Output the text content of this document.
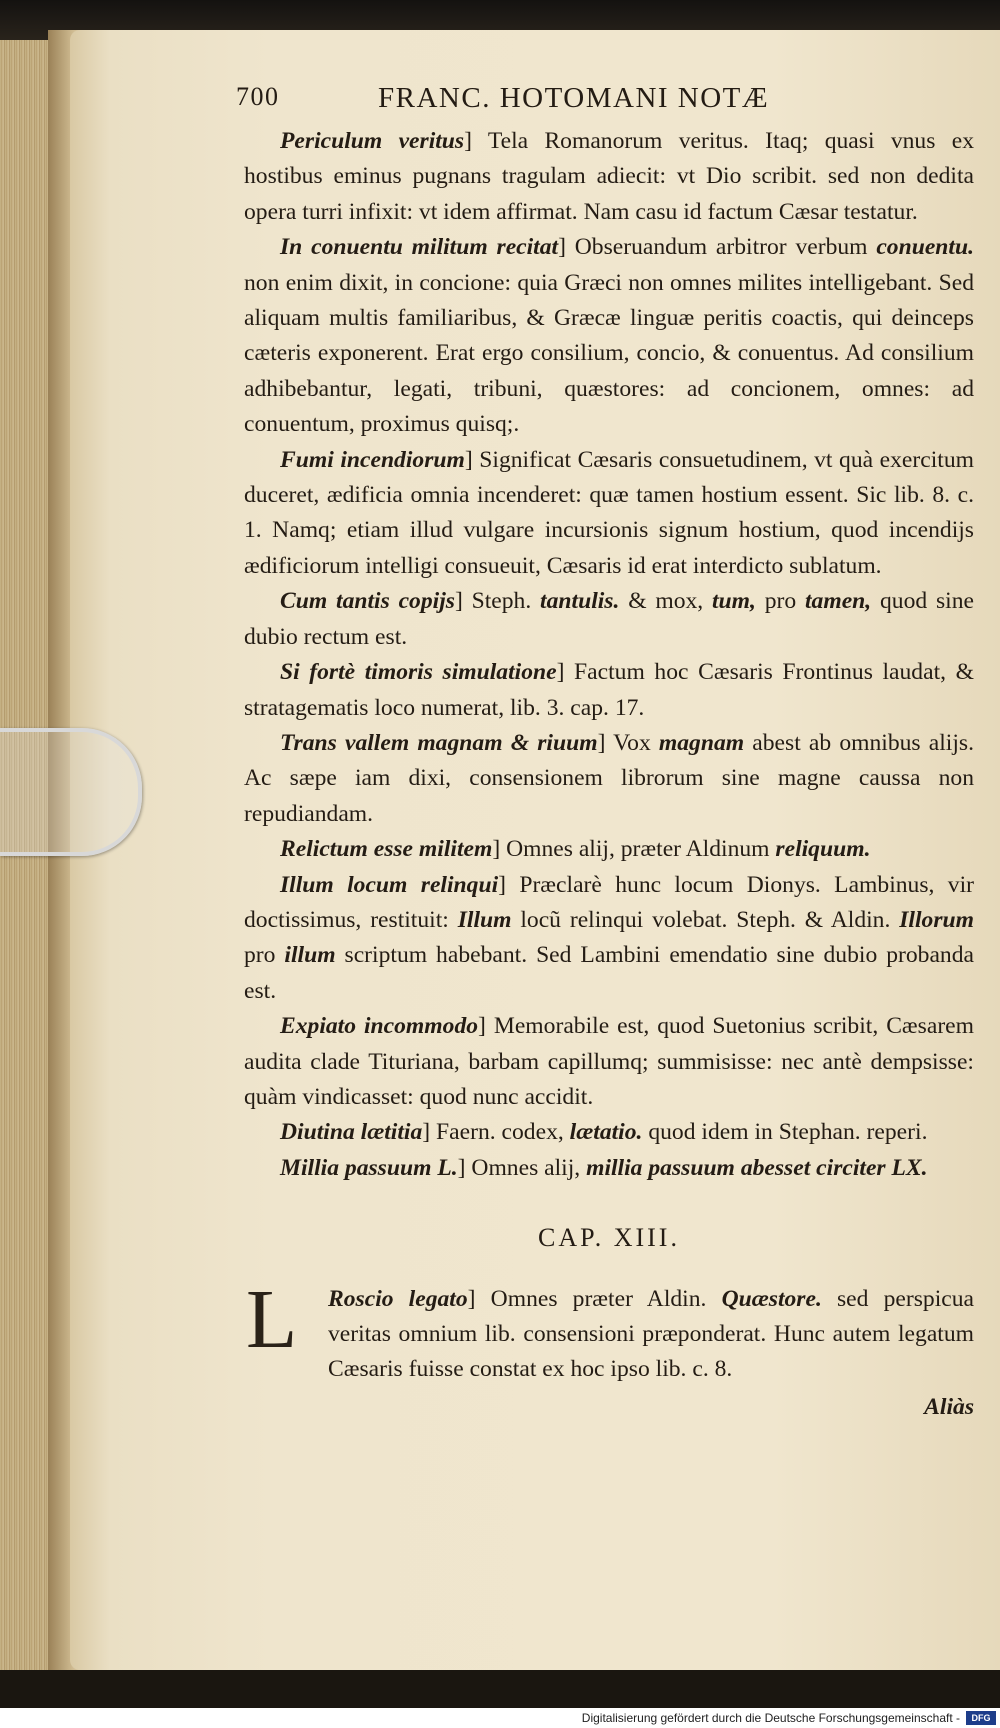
700	FRANC. HOTOMANI NOTÆ

Periculum veritus] Tela Romanorum veritus. Itaq; quasi vnus ex hostibus eminus pugnans tragulam adiecit: vt Dio scribit. sed non dedita opera turri infixit: vt idem affirmat. Nam casu id factum Cæsar testatur.

In conuentu militum recitat] Obseruandum arbitror verbum conuentu. non enim dixit, in concione: quia Græci non omnes milites intelligebant. Sed aliquam multis familiaribus, & Græcæ linguæ peritis coactis, qui deinceps cæteris exponerent. Erat ergo consilium, concio, & conuentus. Ad consilium adhibebantur, legati, tribuni, quæstores: ad concionem, omnes: ad conuentum, proximus quisq;.

Fumi incendiorum] Significat Cæsaris consuetudinem, vt quà exercitum duceret, ædificia omnia incenderet: quæ tamen hostium essent. Sic lib. 8. c. 1. Namq; etiam illud vulgare incursionis signum hostium, quod incendijs ædificiorum intelligi consueuit, Cæsaris id erat interdicto sublatum.

Cum tantis copijs] Steph. tantulis. & mox, tum, pro tamen, quod sine dubio rectum est.

Si fortè timoris simulatione] Factum hoc Cæsaris Frontinus laudat, & stratagematis loco numerat, lib. 3. cap. 17.

Trans vallem magnam & riuum] Vox magnam abest ab omnibus alijs. Ac sæpe iam dixi, consensionem librorum sine magne caussa non repudiandam.

Relictum esse militem] Omnes alij, præter Aldinum reliquum.

Illum locum relinqui] Præclarè hunc locum Dionys. Lambinus, vir doctissimus, restituit: Illum locũ relinqui volebat. Steph. & Aldin. Illorum pro illum scriptum habebant. Sed Lambini emendatio sine dubio probanda est.

Expiato incommodo] Memorabile est, quod Suetonius scribit, Cæsarem audita clade Tituriana, barbam capillumq; summisisse: nec antè dempsisse: quàm vindicasset: quod nunc accidit.

Diutina lætitia] Faern. codex, lætatio. quod idem in Stephan. reperi.

Millia passuum L.] Omnes alij, millia passuum abesset circiter LX.

CAP. XIII.

L Roscio legato] Omnes præter Aldin. Quæstore. sed perspicua veritas omnium lib. consensioni præponderat. Hunc autem legatum Cæsaris fuisse constat ex hoc ipso lib. c. 8.

Aliàs

Digitalisierung gefördert durch die Deutsche Forschungsgemeinschaft -	DFG
